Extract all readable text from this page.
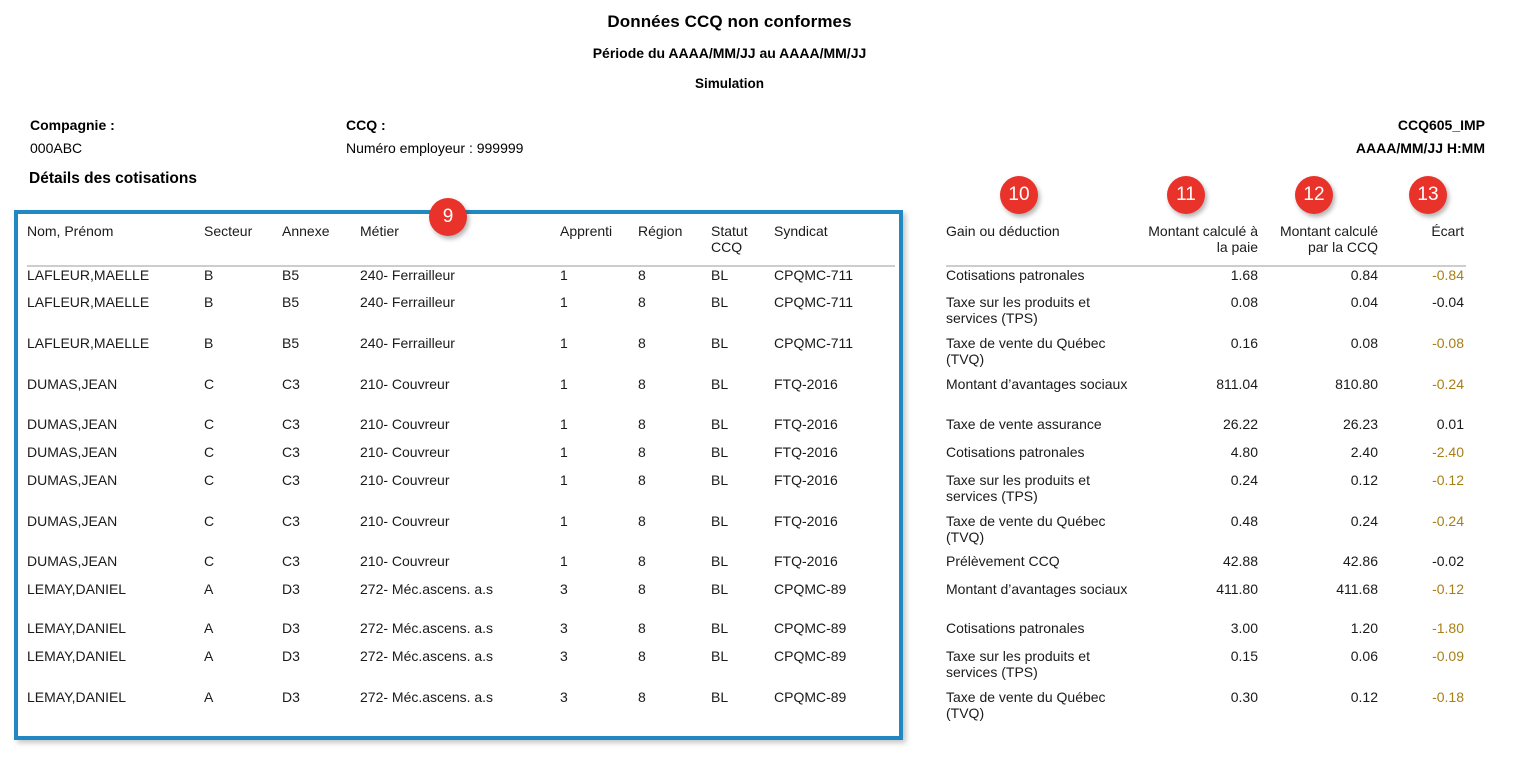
Données CCQ non conformes
Période du AAAA/MM/JJ au AAAA/MM/JJ
Simulation
Compagnie :
000ABC
CCQ :
Numéro employeur : 999999
CCQ605_IMP
AAAA/MM/JJ H:MM
Détails des cotisations
Nom, Prénom	Secteur	Annexe	Métier	Apprenti	Région	Statut CCQ	Syndicat

LAFLEUR,MAELLE	B	B5	240- Ferrailleur	1	8	BL	CPQMC-711
LAFLEUR,MAELLE	B	B5	240- Ferrailleur	1	8	BL	CPQMC-711
LAFLEUR,MAELLE	B	B5	240- Ferrailleur	1	8	BL	CPQMC-711
DUMAS,JEAN	C	C3	210- Couvreur	1	8	BL	FTQ-2016
DUMAS,JEAN	C	C3	210- Couvreur	1	8	BL	FTQ-2016
DUMAS,JEAN	C	C3	210- Couvreur	1	8	BL	FTQ-2016
DUMAS,JEAN	C	C3	210- Couvreur	1	8	BL	FTQ-2016
DUMAS,JEAN	C	C3	210- Couvreur	1	8	BL	FTQ-2016
DUMAS,JEAN	C	C3	210- Couvreur	1	8	BL	FTQ-2016
LEMAY,DANIEL	A	D3	272- Méc.ascens. a.s	3	8	BL	CPQMC-89
LEMAY,DANIEL	A	D3	272- Méc.ascens. a.s	3	8	BL	CPQMC-89
LEMAY,DANIEL	A	D3	272- Méc.ascens. a.s	3	8	BL	CPQMC-89
LEMAY,DANIEL	A	D3	272- Méc.ascens. a.s	3	8	BL	CPQMC-89
Gain ou déduction	Montant calculé à la paie	Montant calculé par la CCQ	Écart

Cotisations patronales	1.68	0.84	-0.84
Taxe sur les produits et services (TPS)	0.08	0.04	-0.04
Taxe de vente du Québec (TVQ)	0.16	0.08	-0.08
Montant d’avantages sociaux	811.04	810.80	-0.24
Taxe de vente assurance	26.22	26.23	0.01
Cotisations patronales	4.80	2.40	-2.40
Taxe sur les produits et services (TPS)	0.24	0.12	-0.12
Taxe de vente du Québec (TVQ)	0.48	0.24	-0.24
Prélèvement CCQ	42.88	42.86	-0.02
Montant d’avantages sociaux	411.80	411.68	-0.12
Cotisations patronales	3.00	1.20	-1.80
Taxe sur les produits et services (TPS)	0.15	0.06	-0.09
Taxe de vente du Québec (TVQ)	0.30	0.12	-0.18
9
10	11	12	13
